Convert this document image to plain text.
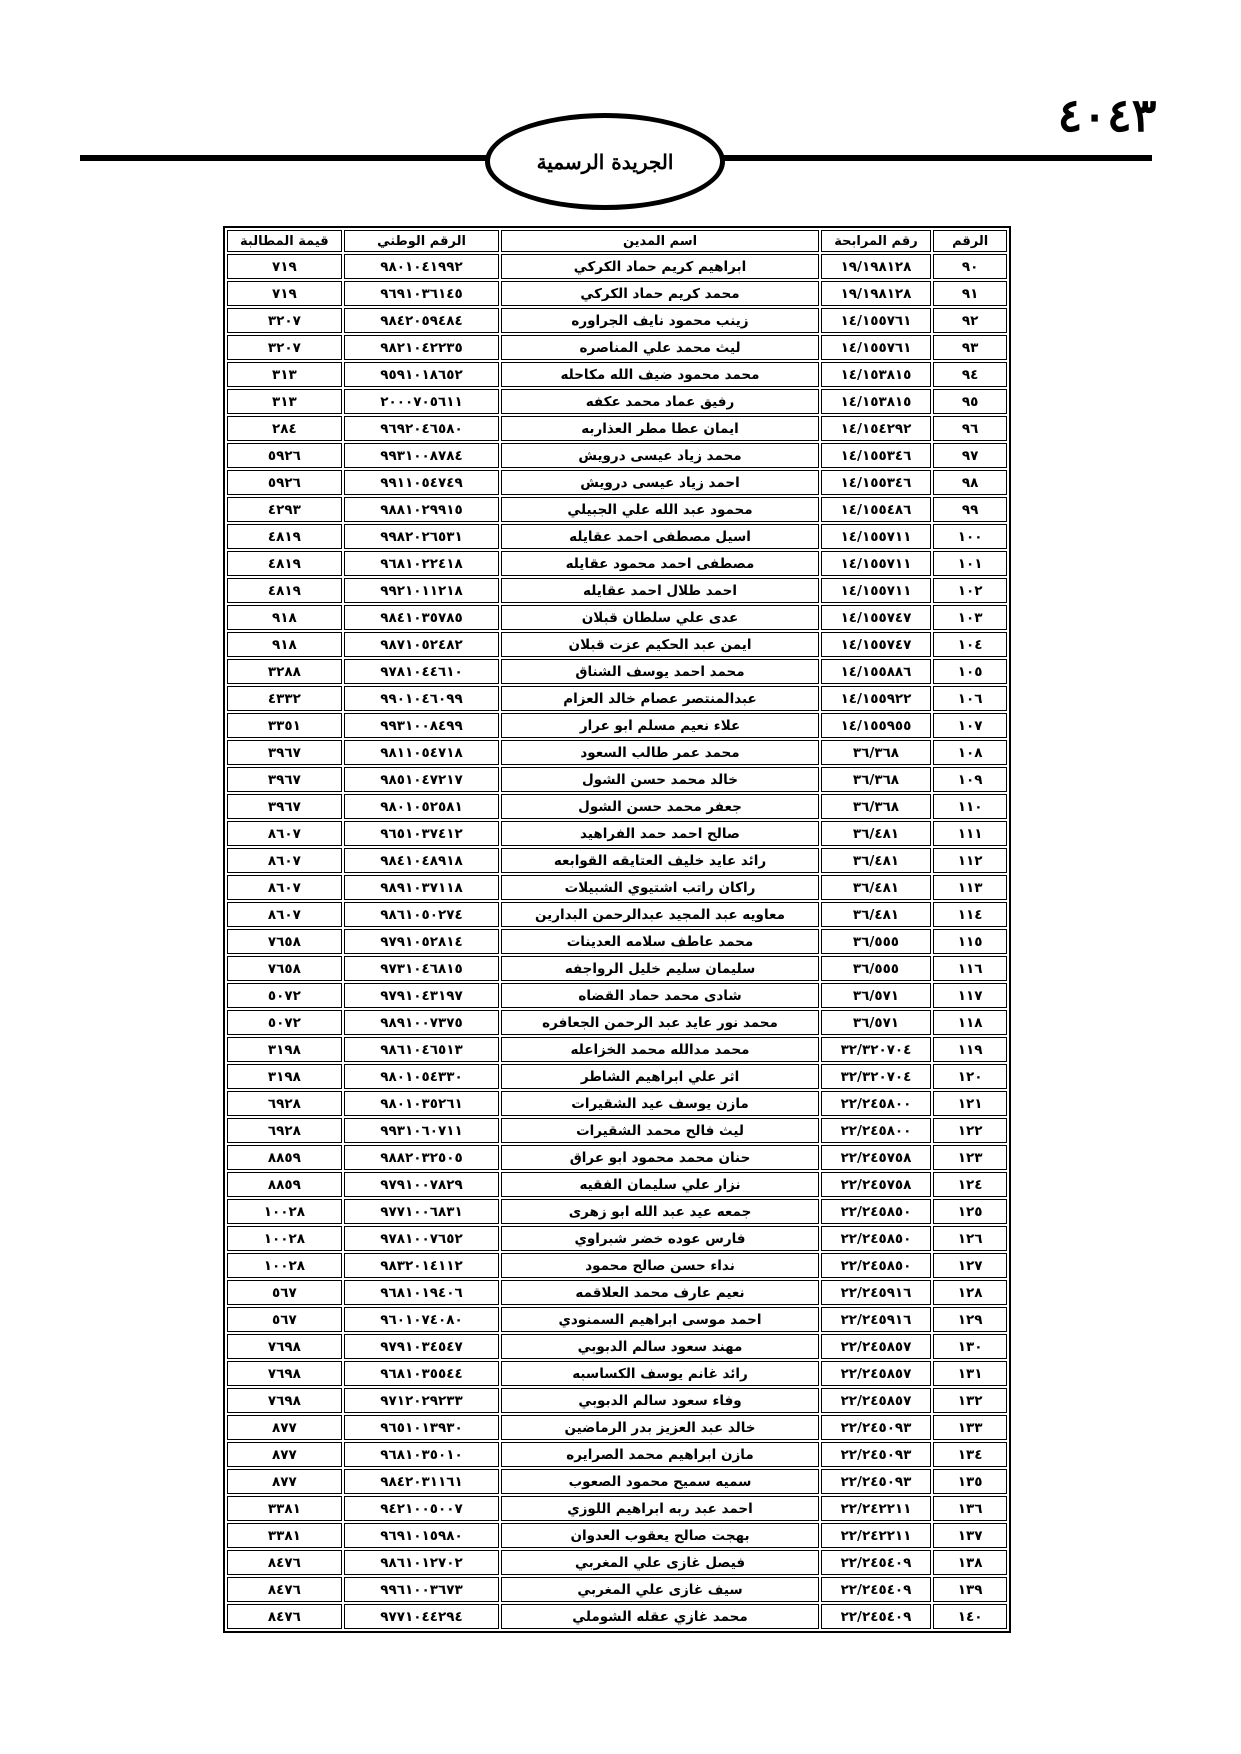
٤٠٤٣
الجريدة الرسمية
الرقم	رقم المرابحة	اسم المدين	الرقم الوطني	قيمة المطالبة
٩٠	١٩/١٩٨١٢٨	ابراهيم كريم حماد الكركي	٩٨٠١٠٤١٩٩٢	٧١٩
٩١	١٩/١٩٨١٢٨	محمد كريم حماد الكركي	٩٦٩١٠٣٦١٤٥	٧١٩
٩٢	١٤/١٥٥٧٦١	زينب محمود نايف الجراوره	٩٨٤٢٠٥٩٤٨٤	٣٢٠٧
٩٣	١٤/١٥٥٧٦١	ليث محمد علي المناصره	٩٨٢١٠٤٢٢٣٥	٣٢٠٧
٩٤	١٤/١٥٣٨١٥	محمد محمود ضيف الله مكاحله	٩٥٩١٠١٨٦٥٢	٣١٣
٩٥	١٤/١٥٣٨١٥	رفيق عماد محمد عكفه	٢٠٠٠٧٠٥٦١١	٣١٣
٩٦	١٤/١٥٤٢٩٢	ايمان عطا مطر العذاربه	٩٦٩٢٠٤٦٥٨٠	٢٨٤
٩٧	١٤/١٥٥٣٤٦	محمد زياد عيسى درويش	٩٩٣١٠٠٨٧٨٤	٥٩٢٦
٩٨	١٤/١٥٥٣٤٦	احمد زياد عيسى درويش	٩٩١١٠٥٤٧٤٩	٥٩٢٦
٩٩	١٤/١٥٥٤٨٦	محمود عبد الله علي الجبيلي	٩٨٨١٠٢٩٩١٥	٤٢٩٣
١٠٠	١٤/١٥٥٧١١	اسيل مصطفى احمد عقايله	٩٩٨٢٠٢٦٥٣١	٤٨١٩
١٠١	١٤/١٥٥٧١١	مصطفى احمد محمود عقايله	٩٦٨١٠٢٢٤١٨	٤٨١٩
١٠٢	١٤/١٥٥٧١١	احمد طلال احمد عقايله	٩٩٢١٠١١٢١٨	٤٨١٩
١٠٣	١٤/١٥٥٧٤٧	عدى علي سلطان قبلان	٩٨٤١٠٣٥٧٨٥	٩١٨
١٠٤	١٤/١٥٥٧٤٧	ايمن عبد الحكيم عزت قبلان	٩٨٧١٠٥٢٤٨٢	٩١٨
١٠٥	١٤/١٥٥٨٨٦	محمد احمد يوسف الشناق	٩٧٨١٠٤٤٦١٠	٣٢٨٨
١٠٦	١٤/١٥٥٩٢٢	عبدالمنتصر عصام خالد العزام	٩٩٠١٠٤٦٠٩٩	٤٣٣٢
١٠٧	١٤/١٥٥٩٥٥	علاء نعيم مسلم ابو عرار	٩٩٣١٠٠٨٤٩٩	٣٣٥١
١٠٨	٣٦/٣٦٨	محمد عمر طالب السعود	٩٨١١٠٥٤٧١٨	٣٩٦٧
١٠٩	٣٦/٣٦٨	خالد محمد حسن الشول	٩٨٥١٠٤٧٢١٧	٣٩٦٧
١١٠	٣٦/٣٦٨	جعفر محمد حسن الشول	٩٨٠١٠٥٢٥٨١	٣٩٦٧
١١١	٣٦/٤٨١	صالح احمد حمد الفراهيد	٩٦٥١٠٣٧٤١٢	٨٦٠٧
١١٢	٣٦/٤٨١	رائد عايد خليف العتايقه القوابعه	٩٨٤١٠٤٨٩١٨	٨٦٠٧
١١٣	٣٦/٤٨١	راكان راتب اشتيوي الشبيلات	٩٨٩١٠٣٧١١٨	٨٦٠٧
١١٤	٣٦/٤٨١	معاويه عبد المجيد عبدالرحمن البدارين	٩٨٦١٠٥٠٢٧٤	٨٦٠٧
١١٥	٣٦/٥٥٥	محمد عاطف سلامه العدينات	٩٧٩١٠٥٢٨١٤	٧٦٥٨
١١٦	٣٦/٥٥٥	سليمان سليم خليل الرواجفه	٩٧٣١٠٤٦٨١٥	٧٦٥٨
١١٧	٣٦/٥٧١	شادى محمد حماد القضاه	٩٧٩١٠٤٣١٩٧	٥٠٧٢
١١٨	٣٦/٥٧١	محمد نور عايد عبد الرحمن الجعافره	٩٨٩١٠٠٧٣٧٥	٥٠٧٢
١١٩	٣٢/٣٢٠٧٠٤	محمد مدالله محمد الخزاعله	٩٨٦١٠٤٦٥١٣	٣١٩٨
١٢٠	٣٢/٣٢٠٧٠٤	اثر علي ابراهيم الشاطر	٩٨٠١٠٥٤٣٣٠	٣١٩٨
١٢١	٢٢/٢٤٥٨٠٠	مازن يوسف عيد الشقيرات	٩٨٠١٠٣٥٢٦١	٦٩٢٨
١٢٢	٢٢/٢٤٥٨٠٠	ليث فالح محمد الشقيرات	٩٩٣١٠٦٠٧١١	٦٩٢٨
١٢٣	٢٢/٢٤٥٧٥٨	حنان محمد محمود ابو عراق	٩٨٨٢٠٣٢٥٠٥	٨٨٥٩
١٢٤	٢٢/٢٤٥٧٥٨	نزار علي سليمان الفقيه	٩٧٩١٠٠٧٨٢٩	٨٨٥٩
١٢٥	٢٢/٢٤٥٨٥٠	جمعه عيد عبد الله ابو زهرى	٩٧٧١٠٠٦٨٣١	١٠٠٢٨
١٢٦	٢٢/٢٤٥٨٥٠	فارس عوده خضر شبراوي	٩٧٨١٠٠٧٦٥٢	١٠٠٢٨
١٢٧	٢٢/٢٤٥٨٥٠	نداء حسن صالح محمود	٩٨٣٢٠١٤١١٢	١٠٠٢٨
١٢٨	٢٢/٢٤٥٩١٦	نعيم عارف محمد العلاقمه	٩٦٨١٠١٩٤٠٦	٥٦٧
١٢٩	٢٢/٢٤٥٩١٦	احمد موسى ابراهيم السمنودي	٩٦٠١٠٧٤٠٨٠	٥٦٧
١٣٠	٢٢/٢٤٥٨٥٧	مهند سعود سالم الدبوبي	٩٧٩١٠٣٤٥٤٧	٧٦٩٨
١٣١	٢٢/٢٤٥٨٥٧	رائد غانم يوسف الكساسبه	٩٦٨١٠٣٥٥٤٤	٧٦٩٨
١٣٢	٢٢/٢٤٥٨٥٧	وفاء سعود سالم الدبوبي	٩٧١٢٠٢٩٢٣٣	٧٦٩٨
١٣٣	٢٢/٢٤٥٠٩٣	خالد عبد العزيز بدر الرماضين	٩٦٥١٠١٣٩٣٠	٨٧٧
١٣٤	٢٢/٢٤٥٠٩٣	مازن ابراهيم محمد الصرايره	٩٦٨١٠٣٥٠١٠	٨٧٧
١٣٥	٢٢/٢٤٥٠٩٣	سميه سميح محمود الصعوب	٩٨٤٢٠٣١١٦١	٨٧٧
١٣٦	٢٢/٢٤٢٢١١	احمد عبد ربه ابراهيم اللوزي	٩٤٢١٠٠٥٠٠٧	٣٣٨١
١٣٧	٢٢/٢٤٢٢١١	بهجت صالح يعقوب العدوان	٩٦٩١٠١٥٩٨٠	٣٣٨١
١٣٨	٢٢/٢٤٥٤٠٩	فيصل غازى علي المغربي	٩٨٦١٠١٢٧٠٢	٨٤٧٦
١٣٩	٢٢/٢٤٥٤٠٩	سيف غازى علي المغربي	٩٩٦١٠٠٣٦٧٣	٨٤٧٦
١٤٠	٢٢/٢٤٥٤٠٩	محمد غازي عقله الشوملي	٩٧٧١٠٤٤٢٩٤	٨٤٧٦
